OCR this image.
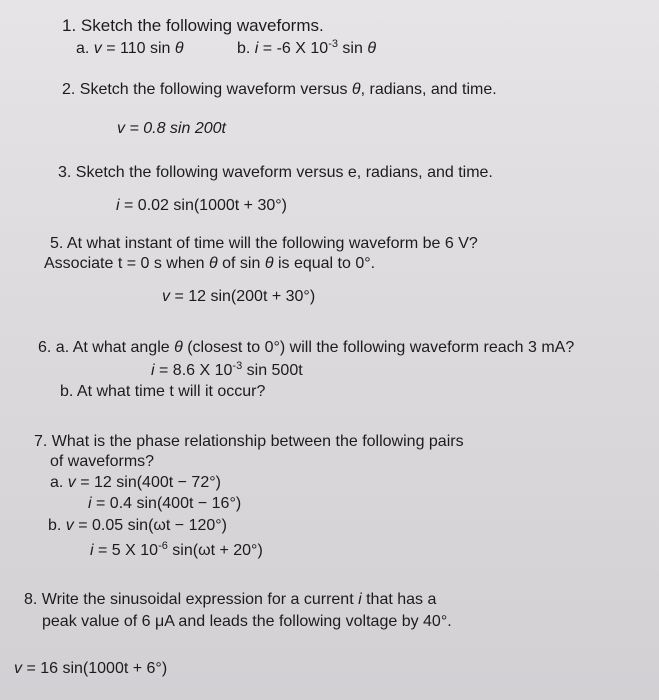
1. Sketch the following waveforms.
a. v = 110 sin θ	b. i = -6 X $10^{-3}$ sin θ
2. Sketch the following waveform versus θ, radians, and time.
v = 0.8 sin 200t
3. Sketch the following waveform versus e, radians, and time.
i = 0.02 sin(1000t + 30°)
5. At what instant of time will the following waveform be 6 V?
Associate t = 0 s when θ of sin θ is equal to 0°.
v = 12 sin(200t + 30°)
6. a. At what angle θ (closest to 0°) will the following waveform reach 3 mA?
i = 8.6 X $10^{-3}$ sin 500t
b. At what time t will it occur?
7. What is the phase relationship between the following pairs
of waveforms?
a. v = 12 sin(400t − 72°)
i = 0.4 sin(400t − 16°)
b. v = 0.05 sin(ωt − 120°)
i = 5 X $10^{-6}$ sin(ωt + 20°)
8. Write the sinusoidal expression for a current i that has a
peak value of 6 μA and leads the following voltage by 40°.
v = 16 sin(1000t + 6°)
